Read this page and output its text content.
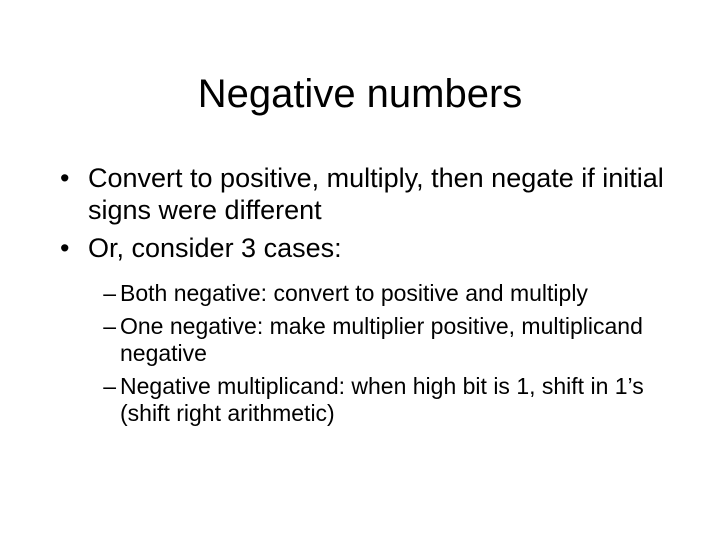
Negative numbers
• Convert to positive, multiply, then negate if initial signs were different
• Or, consider 3 cases:
– Both negative: convert to positive and multiply
– One negative: make multiplier positive, multiplicand negative
– Negative multiplicand: when high bit is 1, shift in 1’s (shift right arithmetic)
